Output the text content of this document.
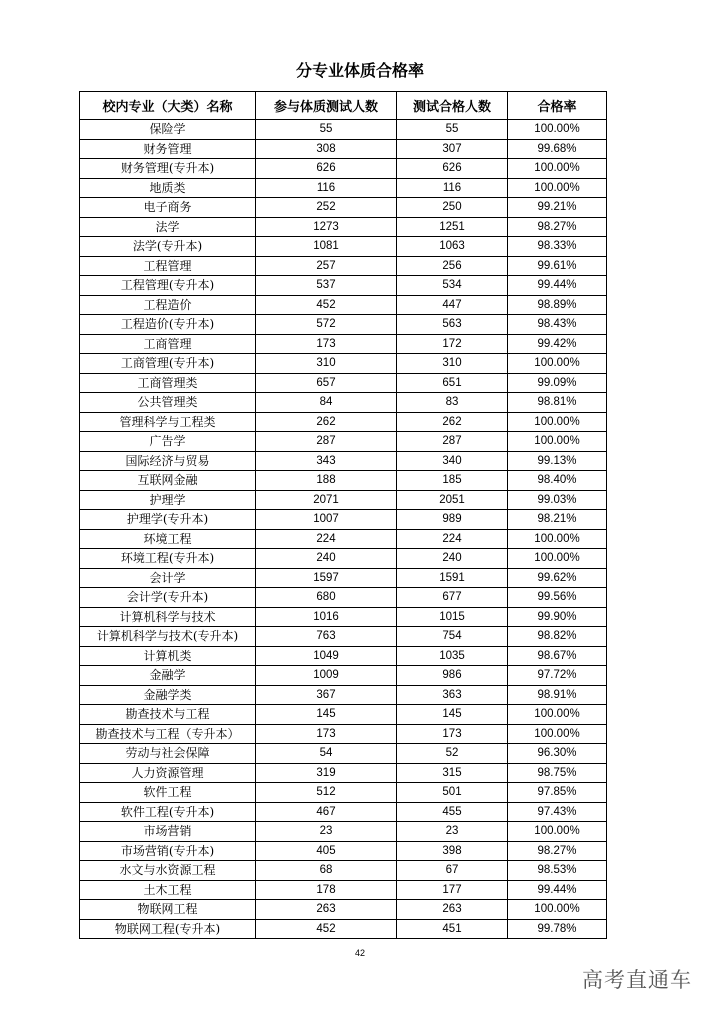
分专业体质合格率
校内专业（大类）名称	参与体质测试人数	测试合格人数	合格率
保险学	55	55	100.00%
财务管理	308	307	99.68%
财务管理(专升本)	626	626	100.00%
地质类	116	116	100.00%
电子商务	252	250	99.21%
法学	1273	1251	98.27%
法学(专升本)	1081	1063	98.33%
工程管理	257	256	99.61%
工程管理(专升本)	537	534	99.44%
工程造价	452	447	98.89%
工程造价(专升本)	572	563	98.43%
工商管理	173	172	99.42%
工商管理(专升本)	310	310	100.00%
工商管理类	657	651	99.09%
公共管理类	84	83	98.81%
管理科学与工程类	262	262	100.00%
广告学	287	287	100.00%
国际经济与贸易	343	340	99.13%
互联网金融	188	185	98.40%
护理学	2071	2051	99.03%
护理学(专升本)	1007	989	98.21%
环境工程	224	224	100.00%
环境工程(专升本)	240	240	100.00%
会计学	1597	1591	99.62%
会计学(专升本)	680	677	99.56%
计算机科学与技术	1016	1015	99.90%
计算机科学与技术(专升本)	763	754	98.82%
计算机类	1049	1035	98.67%
金融学	1009	986	97.72%
金融学类	367	363	98.91%
勘查技术与工程	145	145	100.00%
勘查技术与工程（专升本）	173	173	100.00%
劳动与社会保障	54	52	96.30%
人力资源管理	319	315	98.75%
软件工程	512	501	97.85%
软件工程(专升本)	467	455	97.43%
市场营销	23	23	100.00%
市场营销(专升本)	405	398	98.27%
水文与水资源工程	68	67	98.53%
土木工程	178	177	99.44%
物联网工程	263	263	100.00%
物联网工程(专升本)	452	451	99.78%
42
高考直通车
